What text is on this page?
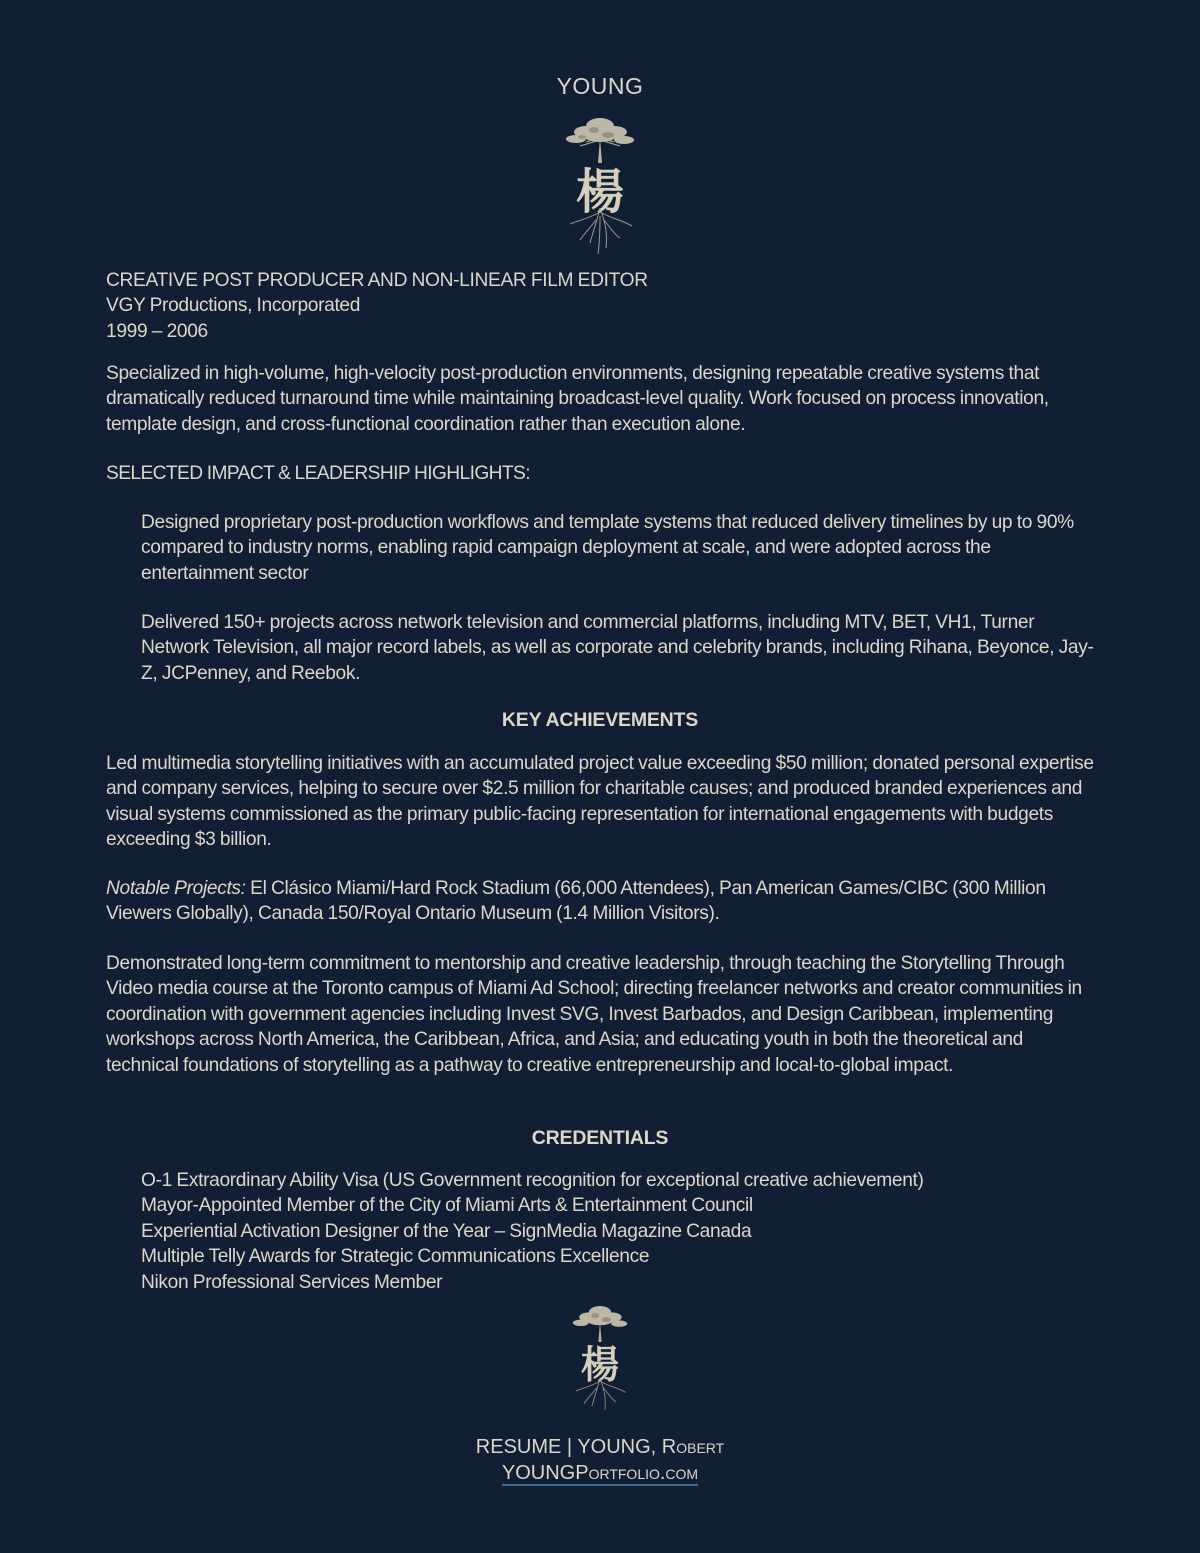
YOUNG
楊
CREATIVE POST PRODUCER AND NON-LINEAR FILM EDITOR
VGY Productions, Incorporated
1999 – 2006
Specialized in high-volume, high-velocity post-production environments, designing repeatable creative systems that dramatically reduced turnaround time while maintaining broadcast-level quality. Work focused on process innovation, template design, and cross-functional coordination rather than execution alone.
SELECTED IMPACT & LEADERSHIP HIGHLIGHTS:
Designed proprietary post-production workflows and template systems that reduced delivery timelines by up to 90% compared to industry norms, enabling rapid campaign deployment at scale, and were adopted across the entertainment sector
Delivered 150+ projects across network television and commercial platforms, including MTV, BET, VH1, Turner Network Television, all major record labels, as well as corporate and celebrity brands, including Rihana, Beyonce, Jay-Z, JCPenney, and Reebok.
KEY ACHIEVEMENTS
Led multimedia storytelling initiatives with an accumulated project value exceeding $50 million; donated personal expertise and company services, helping to secure over $2.5 million for charitable causes; and produced branded experiences and visual systems commissioned as the primary public-facing representation for international engagements with budgets exceeding $3 billion.
Notable Projects: El Clásico Miami/Hard Rock Stadium (66,000 Attendees), Pan American Games/CIBC (300 Million Viewers Globally), Canada 150/Royal Ontario Museum (1.4 Million Visitors).
Demonstrated long-term commitment to mentorship and creative leadership, through teaching the Storytelling Through Video media course at the Toronto campus of Miami Ad School; directing freelancer networks and creator communities in coordination with government agencies including Invest SVG, Invest Barbados, and Design Caribbean, implementing workshops across North America, the Caribbean, Africa, and Asia; and educating youth in both the theoretical and technical foundations of storytelling as a pathway to creative entrepreneurship and local-to-global impact.
CREDENTIALS
O-1 Extraordinary Ability Visa (US Government recognition for exceptional creative achievement)
Mayor-Appointed Member of the City of Miami Arts & Entertainment Council
Experiential Activation Designer of the Year – SignMedia Magazine Canada
Multiple Telly Awards for Strategic Communications Excellence
Nikon Professional Services Member
楊
RESUME | YOUNG, Robert
YOUNGPortfolio.com
